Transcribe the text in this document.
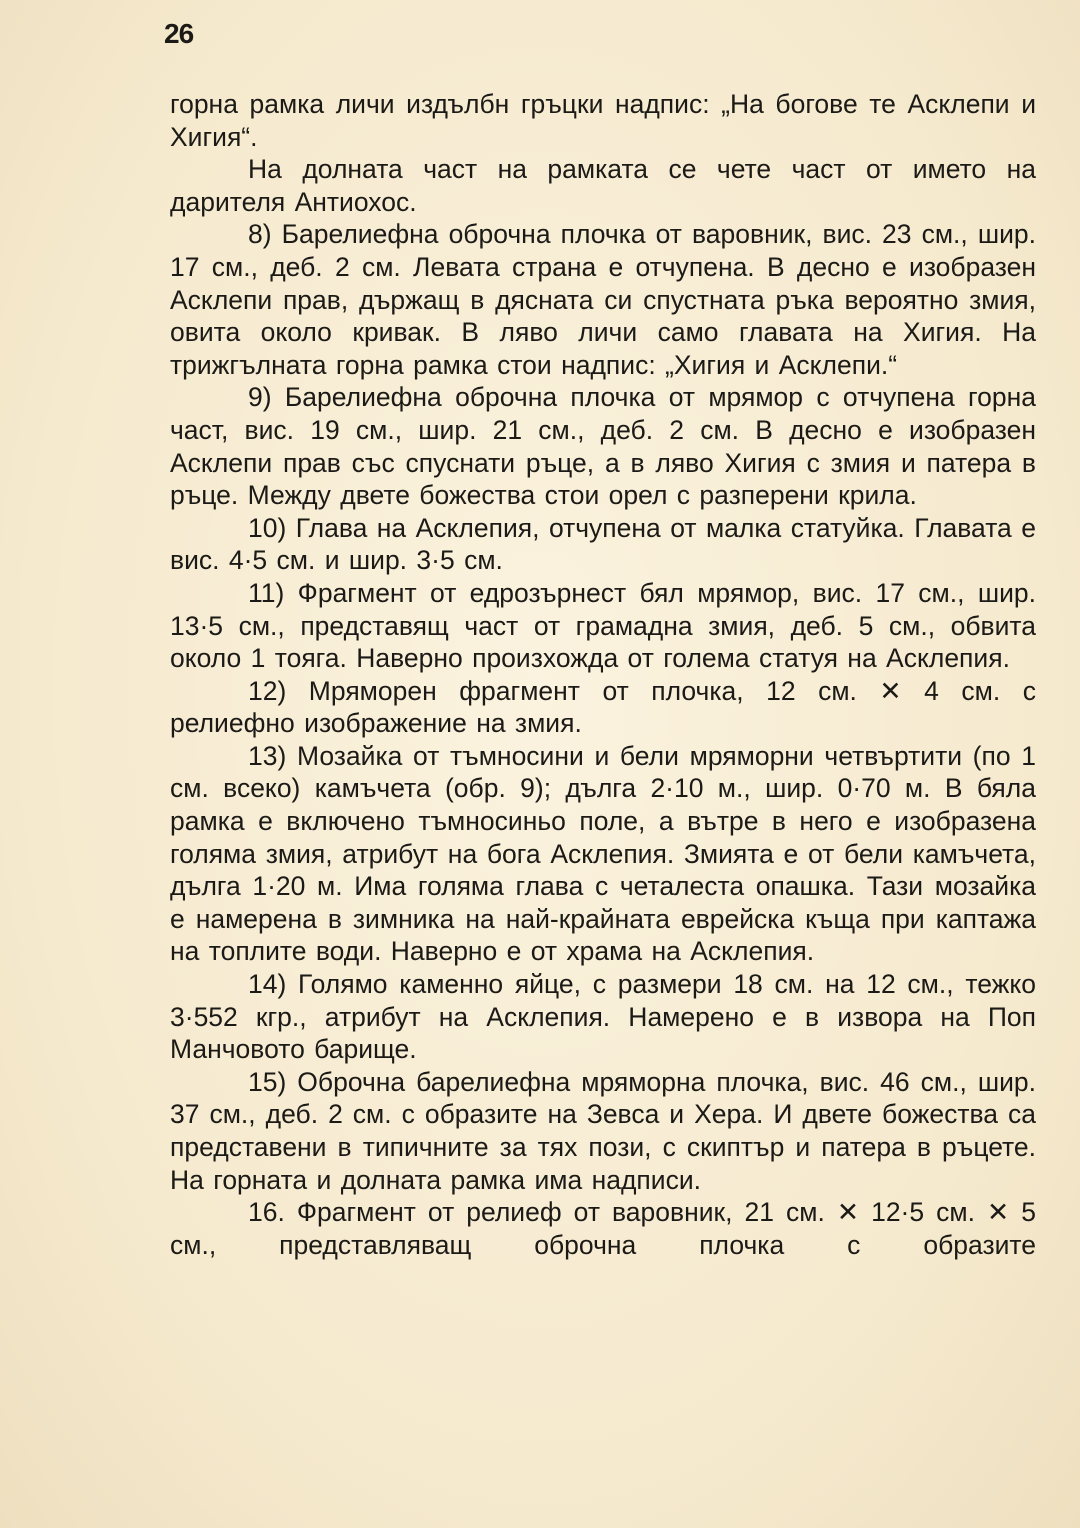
26

горна рамка личи издълбн гръцки надпис: „На богове те Асклепи и Хигия“.

На долната част на рамката се чете част от името на дарителя Антиохос.

8) Барелиефна оброчна плочка от варовник, вис. 23 см., шир. 17 см., деб. 2 см. Левата страна е отчупена. В десно е изобразен Асклепи прав, държащ в дясната си спустнатa ръка вероятно змия, овита около кривак. В ляво личи само главата на Хигия. На трижгълната горна рамка стои надпис: „Хигия и Асклепи.“

9) Барелиефна оброчна плочка от мрямор с отчупена горна част, вис. 19 см., шир. 21 см., деб. 2 см. В десно е изобразен Асклепи прав със спуснати ръце, а в ляво Хигия с змия и патера в ръце. Между двете божества стои орел с разперени крила.

10) Глава на Асклепия, отчупена от малка статуйка. Главата е вис. 4·5 см. и шир. 3·5 см.

11) Фрагмент от едрозърнест бял мрямор, вис. 17 см., шир. 13·5 см., представящ част от грамадна змия, деб. 5 см., обвита около 1 тояга. Наверно произхожда от голема статуя на Асклепия.

12) Мряморен фрагмент от плочка, 12 см. ✕ 4 см. с релиефно изображение на змия.

13) Мозайка от тъмносини и бели мряморни четвъртити (по 1 см. всеко) камъчета (обр. 9); дълга 2·10 м., шир. 0·70 м. В бяла рамка е включено тъмносиньо поле, а вътре в него е изобразена голяма змия, атрибут на бога Асклепия. Змията е от бели камъчета, дълга 1·20 м. Има голяма глава с четалеста опашка. Тази мозайка е намерена в зимника на най-крайната еврейска къща при каптажа на топлите води. Наверно е от храма на Асклепия.

14) Голямо каменно яйце, с размери 18 см. на 12 см., тежко 3·552 кгр., атрибут на Асклепия. Намерено е в извора на Поп Манчовото барище.

15) Оброчна барелиефна мряморна плочка, вис. 46 см., шир. 37 см., деб. 2 см. с образите на Зевса и Хера. И двете божества са представени в типичните за тях пози, с скиптър и патера в ръцете. На горната и долната рамка има надписи.

16. Фрагмент от релиеф от варовник, 21 см. ✕ 12·5 см. ✕ 5 см., представляващ оброчна плочка с образите
